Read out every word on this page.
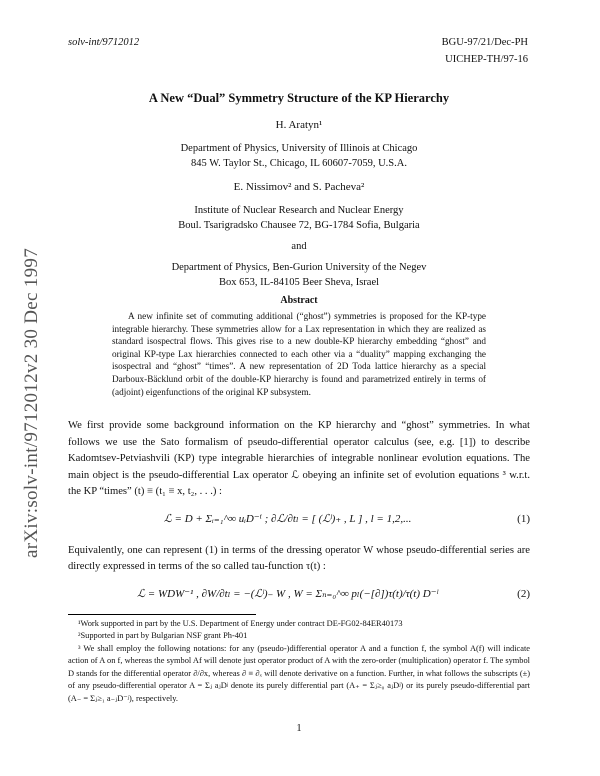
arXiv:solv-int/9712012v2 30 Dec 1997
solv-int/9712012	BGU-97/21/Dec-PH
UICHEP-TH/97-16
A New “Dual” Symmetry Structure of the KP Hierarchy
H. Aratyn¹
Department of Physics, University of Illinois at Chicago
845 W. Taylor St., Chicago, IL 60607-7059, U.S.A.
E. Nissimov² and S. Pacheva²
Institute of Nuclear Research and Nuclear Energy
Boul. Tsarigradsko Chausee 72, BG-1784 Sofia, Bulgaria
and
Department of Physics, Ben-Gurion University of the Negev
Box 653, IL-84105 Beer Sheva, Israel
Abstract

A new infinite set of commuting additional (“ghost”) symmetries is proposed for the KP-type integrable hierarchy. These symmetries allow for a Lax representation in which they are realized as standard isospectral flows. This gives rise to a new double-KP hierarchy embedding “ghost” and original KP-type Lax hierarchies connected to each other via a “duality” mapping exchanging the isospectral and “ghost” “times”. A new representation of 2D Toda lattice hierarchy as a special Darboux-Bäcklund orbit of the double-KP hierarchy is found and parametrized entirely in terms of (adjoint) eigenfunctions of the original KP subsystem.

We first provide some background information on the KP hierarchy and “ghost” symmetries. In what follows we use the Sato formalism of pseudo-differential operator calculus (see, e.g. [1]) to describe Kadomtsev-Petviashvili (KP) type integrable hierarchies of integrable nonlinear evolution equations. The main object is the pseudo-differential Lax operator ℒ obeying an infinite set of evolution equations ³ w.r.t. the KP “times” (t) ≡ (t₁ ≡ x, t₂, . . .) :

ℒ = D + Σᵢ₌₁^∞ uᵢD⁻ⁱ ; ∂ℒ/∂tₗ = [ (ℒˡ)₊ , L ] , l = 1,2,...	(1)

Equivalently, one can represent (1) in terms of the dressing operator W whose pseudo-differential series are directly expressed in terms of the so called tau-function τ(t) :

ℒ = WDW⁻¹ , ∂W/∂tₗ = −(ℒˡ)₋ W , W = Σₙ₌₀^∞ pₗ(−[∂])τ(t)/τ(t) D⁻ˡ	(2)

¹Work supported in part by the U.S. Department of Energy under contract DE-FG02-84ER40173

²Supported in part by Bulgarian NSF grant Ph-401

³ We shall employ the following notations: for any (pseudo-)differential operator A and a function f, the symbol A(f) will indicate action of A on f, whereas the symbol Af will denote just operator product of A with the zero-order (multiplication) operator f. The symbol D stands for the differential operator ∂/∂x, whereas ∂ ≡ ∂ₓ will denote derivative on a function. Further, in what follows the subscripts (±) of any pseudo-differential operator A = Σⱼ aⱼDʲ denote its purely differential part (A₊ = Σⱼ≥₀ aⱼDʲ) or its purely pseudo-differential part (A₋ = Σⱼ≥₁ a₋ⱼD⁻ʲ), respectively.

1
